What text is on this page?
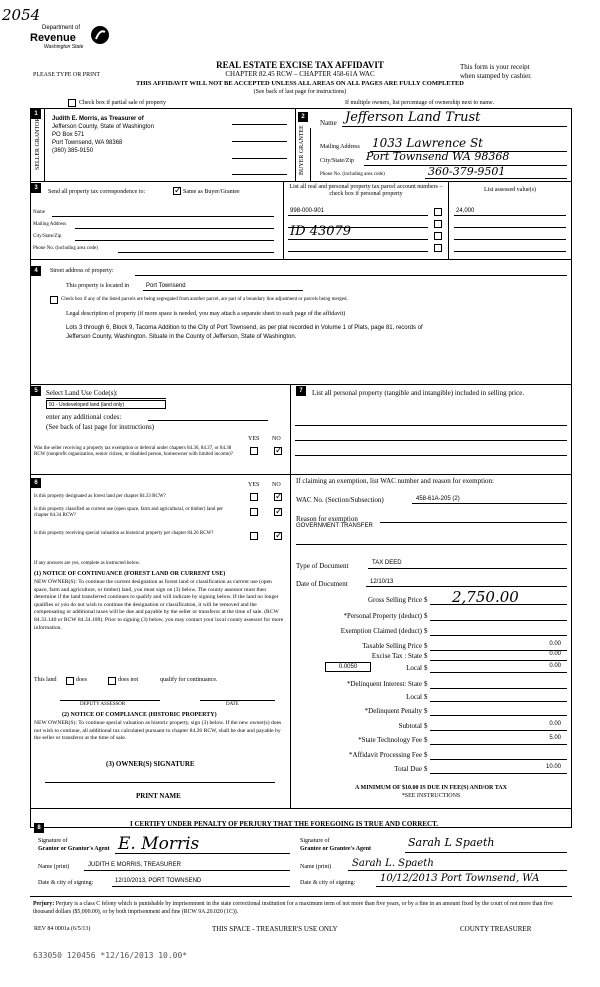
2054
Department of
Revenue
Washington State
REAL ESTATE EXCISE TAX AFFIDAVIT
CHAPTER 82.45 RCW – CHAPTER 458-61A WAC
PLEASE TYPE OR PRINT
This form is your receipt
when stamped by cashier.
THIS AFFIDAVIT WILL NOT BE ACCEPTED UNLESS ALL AREAS ON ALL PAGES ARE FULLY COMPLETED
(See back of last page for instructions)
Check box if partial sale of property	If multiple owners, list percentage of ownership next to name.
1
SELLER GRANTOR Judith E. Morris, as Treasurer of
Jefferson County, State of Washington
PO Box 571
Port Townsend, WA 98368
(360) 385-9150
2
BUYER GRANTEE
Name Jefferson Land Trust
Mailing Address 1033 Lawrence St
City/State/Zip Port Townsend WA 98368
Phone No. (including area code)	360-379-9501
3
Send all property tax correspondence to:
✓	Same as Buyer/Grantee
List all real and personal property tax parcel account numbers – check box if personal property
List assessed value(s)
Name
Mailing Address
City/State/Zip
Phone No. (including area code)
998-000-901
ID 43079
24,000
4	Street address of property:
This property is located in	Port Townsend
Check box if any of the listed parcels are being segregated from another parcel, are part of a boundary line adjustment or parcels being merged.
Legal description of property (if more space is needed, you may attach a separate sheet to each page of the affidavit)
Lots 3 through 6, Block 9, Tacoma Addition to the City of Port Townsend, as per plat recorded in Volume 1 of Plats, page 81, records of
Jefferson County, Washington. Situate in the County of Jefferson, State of Washington.
5	Select Land Use Code(s):
91 - Undeveloped land (land only)
enter any additional codes:
(See back of last page for instructions)
YES NO
Was the seller receiving a property tax exemption or deferral under chapters 84.36, 84.37, or 84.38 RCW (nonprofit organization, senior citizen, or disabled person, homeowner with limited income)?
✓
7	List all personal property (tangible and intangible) included in selling price.
6	YES NO
Is this property designated as forest land per chapter 84.33 RCW?
✓
Is this property classified as current use (open space, farm and agricultural, or timber) land per chapter 84.34 RCW?
✓
Is this property receiving special valuation as historical property per chapter 84.26 RCW?
✓
If any answers are yes, complete as instructed below.
(1) NOTICE OF CONTINUANCE (FOREST LAND OR CURRENT USE)
NEW OWNER(S): To continue the current designation as forest land or classification as current use (open space, farm and agriculture, or timber) land, you must sign on (3) below. The county assessor must then determine if the land transferred continues to qualify and will indicate by signing below. If the land no longer qualifies or you do not wish to continue the designation or classification, it will be removed and the compensating or additional taxes will be due and payable by the seller or transferor at the time of sale. (RCW 84.33.140 or RCW 84.34.108). Prior to signing (3) below, you may contact your local county assessor for more information.
This land	does	does not	qualify for continuance.
DEPUTY ASSESSOR	DATE
(2) NOTICE OF COMPLIANCE (HISTORIC PROPERTY)
NEW OWNER(S): To continue special valuation as historic property, sign (3) below. If the new owner(s) does not wish to continue, all additional tax calculated pursuant to chapter 84.26 RCW, shall be due and payable by the seller or transferor at the time of sale.
(3) OWNER(S) SIGNATURE
PRINT NAME
If claiming an exemption, list WAC number and reason for exemption:
WAC No. (Section/Subsection)	458-61A-205 (2)
Reason for exemption
GOVERNMENT TRANSFER
Type of Document	TAX DEED
Date of Document	12/10/13
Gross Selling Price $ 2,750.00
*Personal Property (deduct) $
Exemption Claimed (deduct) $
Taxable Selling Price $	0.00
Excise Tax : State $	0.00
Local $	0.00
*Delinquent Interest: State $
Local $
*Delinquent Penalty $
Subtotal $	0.00
*State Technology Fee $	5.00
*Affidavit Processing Fee $
Total Due $	10.00
0.0050
A MINIMUM OF $10.00 IS DUE IN FEE(S) AND/OR TAX
*SEE INSTRUCTIONS
8	I CERTIFY UNDER PENALTY OF PERJURY THAT THE FOREGOING IS TRUE AND CORRECT.
Signature of
Grantor or Grantor's Agent E. Morris
Name (print)	JUDITH E MORRIS, TREASURER
Date & city of signing:	12/10/2013, PORT TOWNSEND
Signature of
Grantee or Grantee's Agent	Sarah L Spaeth
Name (print) Sarah L. Spaeth
Date & city of signing: 10/12/2013 Port Townsend, WA
Perjury: Perjury is a class C felony which is punishable by imprisonment in the state correctional institution for a maximum term of not more than five years, or by a fine in an amount fixed by the court of not more than five thousand dollars ($5,000.00), or by both imprisonment and fine (RCW 9A.20.020 (1C)).
REV 84 0001a (6/5/13)	THIS SPACE - TREASURER'S USE ONLY	COUNTY TREASURER
633050 120456 *12/16/2013 10.00*
